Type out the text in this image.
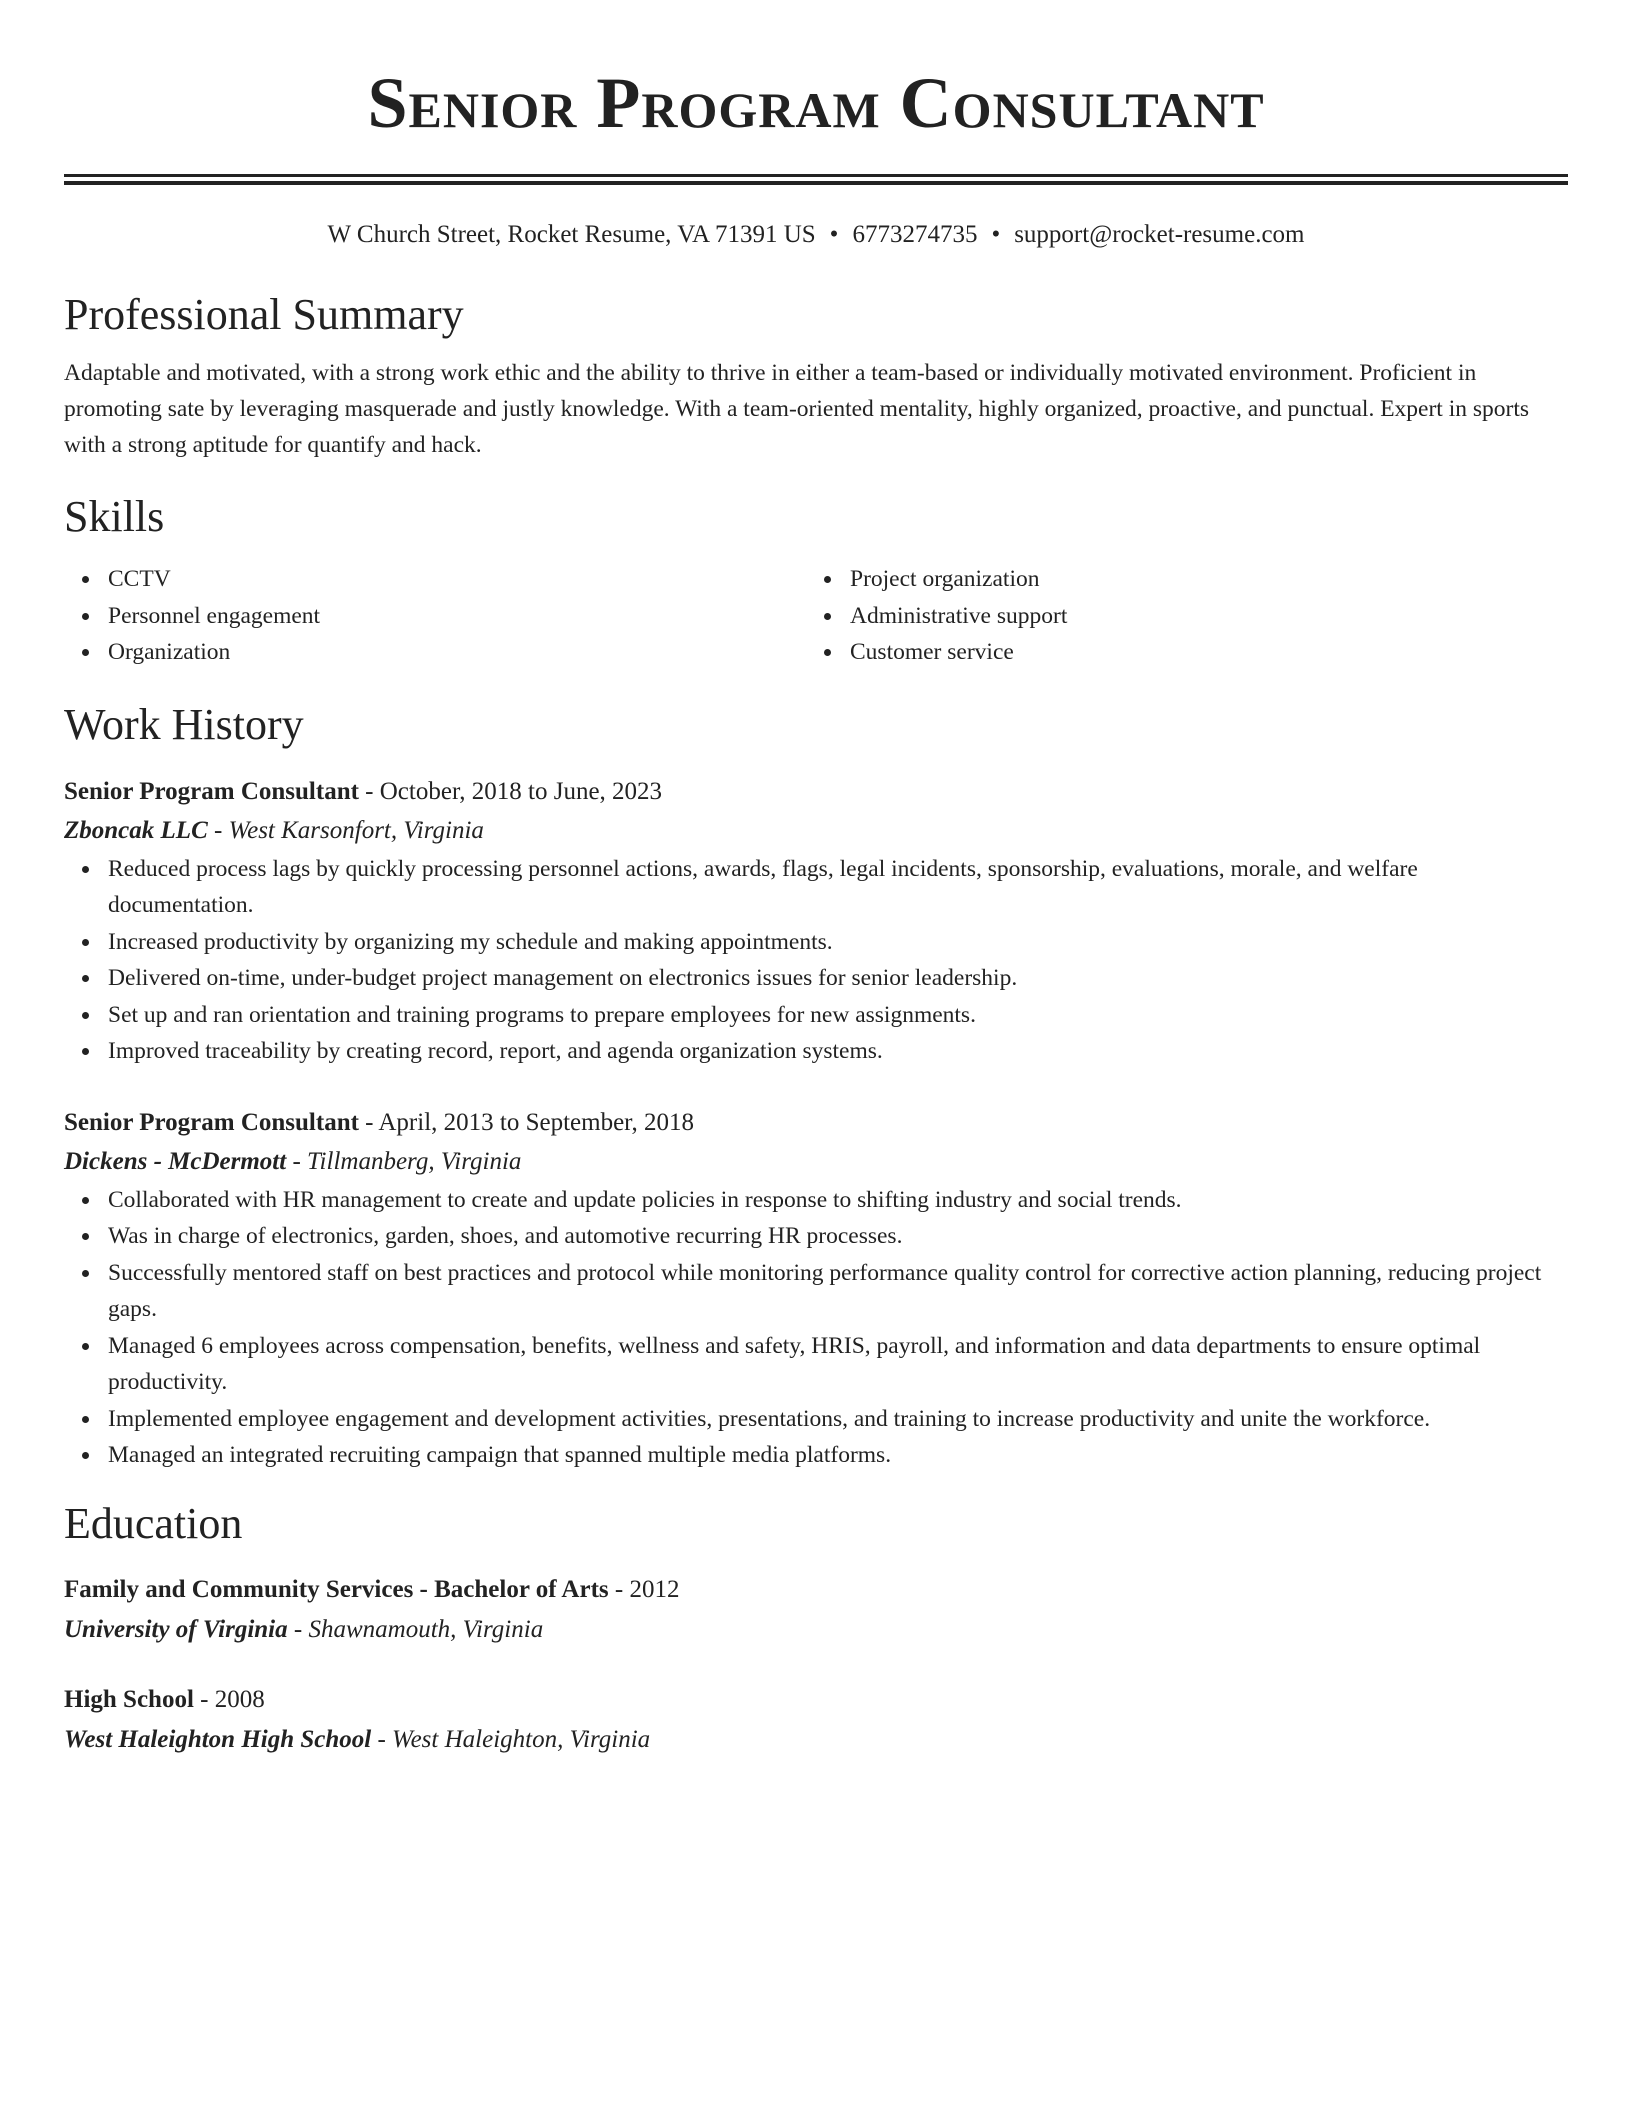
Senior Program Consultant
W Church Street, Rocket Resume, VA 71391 US • 6773274735 • support@rocket-resume.com
Professional Summary
Adaptable and motivated, with a strong work ethic and the ability to thrive in either a team-based or individually motivated environment. Proficient in promoting sate by leveraging masquerade and justly knowledge. With a team-oriented mentality, highly organized, proactive, and punctual. Expert in sports with a strong aptitude for quantify and hack.
Skills
CCTV
Personnel engagement
Organization
Project organization
Administrative support
Customer service
Work History
Senior Program Consultant - October, 2018 to June, 2023
Zboncak LLC - West Karsonfort, Virginia
Reduced process lags by quickly processing personnel actions, awards, flags, legal incidents, sponsorship, evaluations, morale, and welfare documentation.
Increased productivity by organizing my schedule and making appointments.
Delivered on-time, under-budget project management on electronics issues for senior leadership.
Set up and ran orientation and training programs to prepare employees for new assignments.
Improved traceability by creating record, report, and agenda organization systems.
Senior Program Consultant - April, 2013 to September, 2018
Dickens - McDermott - Tillmanberg, Virginia
Collaborated with HR management to create and update policies in response to shifting industry and social trends.
Was in charge of electronics, garden, shoes, and automotive recurring HR processes.
Successfully mentored staff on best practices and protocol while monitoring performance quality control for corrective action planning, reducing project gaps.
Managed 6 employees across compensation, benefits, wellness and safety, HRIS, payroll, and information and data departments to ensure optimal productivity.
Implemented employee engagement and development activities, presentations, and training to increase productivity and unite the workforce.
Managed an integrated recruiting campaign that spanned multiple media platforms.
Education
Family and Community Services - Bachelor of Arts - 2012
University of Virginia - Shawnamouth, Virginia
High School - 2008
West Haleighton High School - West Haleighton, Virginia
